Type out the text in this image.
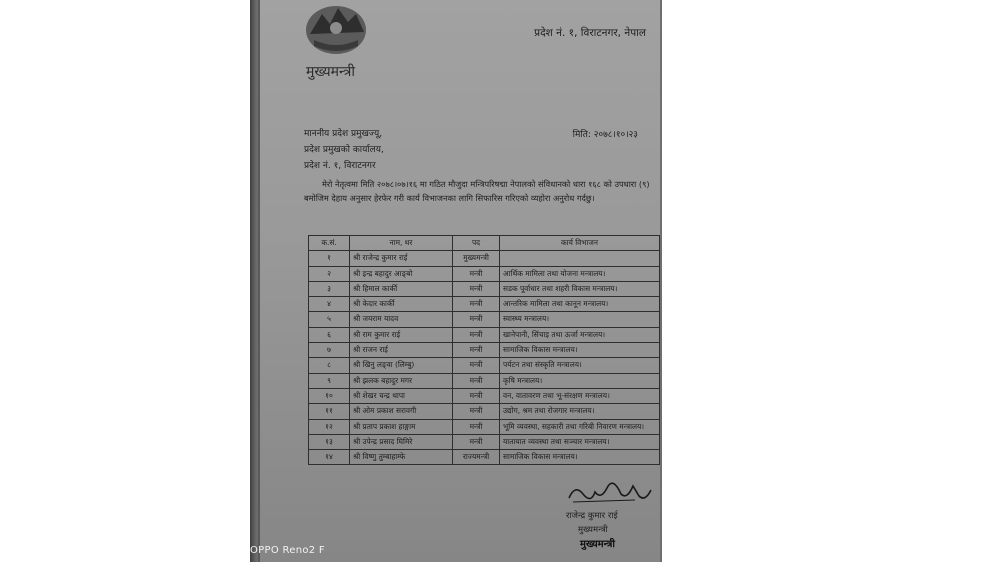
प्रदेश नं. १, विराटनगर, नेपाल
मुख्यमन्त्री
मिति: २०७८।१०।२३
माननीय प्रदेश प्रमुखज्यू,
प्रदेश प्रमुखको कार्यालय,
प्रदेश नं. १, विराटनगर
मेरो नेतृत्वमा मिति २०७८।०७।१६ मा गठित मौजुदा मन्त्रिपरिषद्मा नेपालको संविधानको धारा १६८ को उपधारा (९) बमोजिम देहाय अनुसार हेरफेर गरी कार्य विभाजनका लागि सिफारिस गरिएको व्यहोरा अनुरोध गर्दछु।
क.सं.	नाम, थर	पद	कार्य विभाजन
१	श्री राजेन्द्र कुमार राई	मुख्यमन्त्री	
२	श्री इन्द्र बहादुर आङ्बो	मन्त्री	आर्थिक मामिला तथा योजना मन्त्रालय।
३	श्री हिमाल कार्की	मन्त्री	सडक पूर्वाधार तथा शहरी विकास मन्त्रालय।
४	श्री केदार कार्की	मन्त्री	आन्तरिक मामिला तथा कानून मन्त्रालय।
५	श्री जयराम यादव	मन्त्री	स्वास्थ्य मन्त्रालय।
६	श्री राम कुमार राई	मन्त्री	खानेपानी, सिंचाइ तथा ऊर्जा मन्त्रालय।
७	श्री राजन राई	मन्त्री	सामाजिक विकास मन्त्रालय।
८	श्री खिनु लङ्वा (लिम्बु)	मन्त्री	पर्यटन तथा संस्कृति मन्त्रालय।
९	श्री झलक बहादुर मगर	मन्त्री	कृषि मन्त्रालय।
१०	श्री शेखर चन्द्र थापा	मन्त्री	वन, वातावरण तथा भू-संरक्षण मन्त्रालय।
११	श्री ओम प्रकाश सरावगी	मन्त्री	उद्योग, श्रम तथा रोजगार मन्त्रालय।
१२	श्री प्रताप प्रकाश हाङ्गाम	मन्त्री	भूमि व्यवस्था, सहकारी तथा गरिबी निवारण मन्त्रालय।
१३	श्री उपेन्द्र प्रसाद घिमिरे	मन्त्री	यातायात व्यवस्था तथा सञ्चार मन्त्रालय।
१४	श्री विष्णु तुम्बाहाम्फे	राज्यमन्त्री	सामाजिक विकास मन्त्रालय।
राजेन्द्र कुमार राई
मुख्यमन्त्री
मुख्यमन्त्री
OPPO Reno2 F
